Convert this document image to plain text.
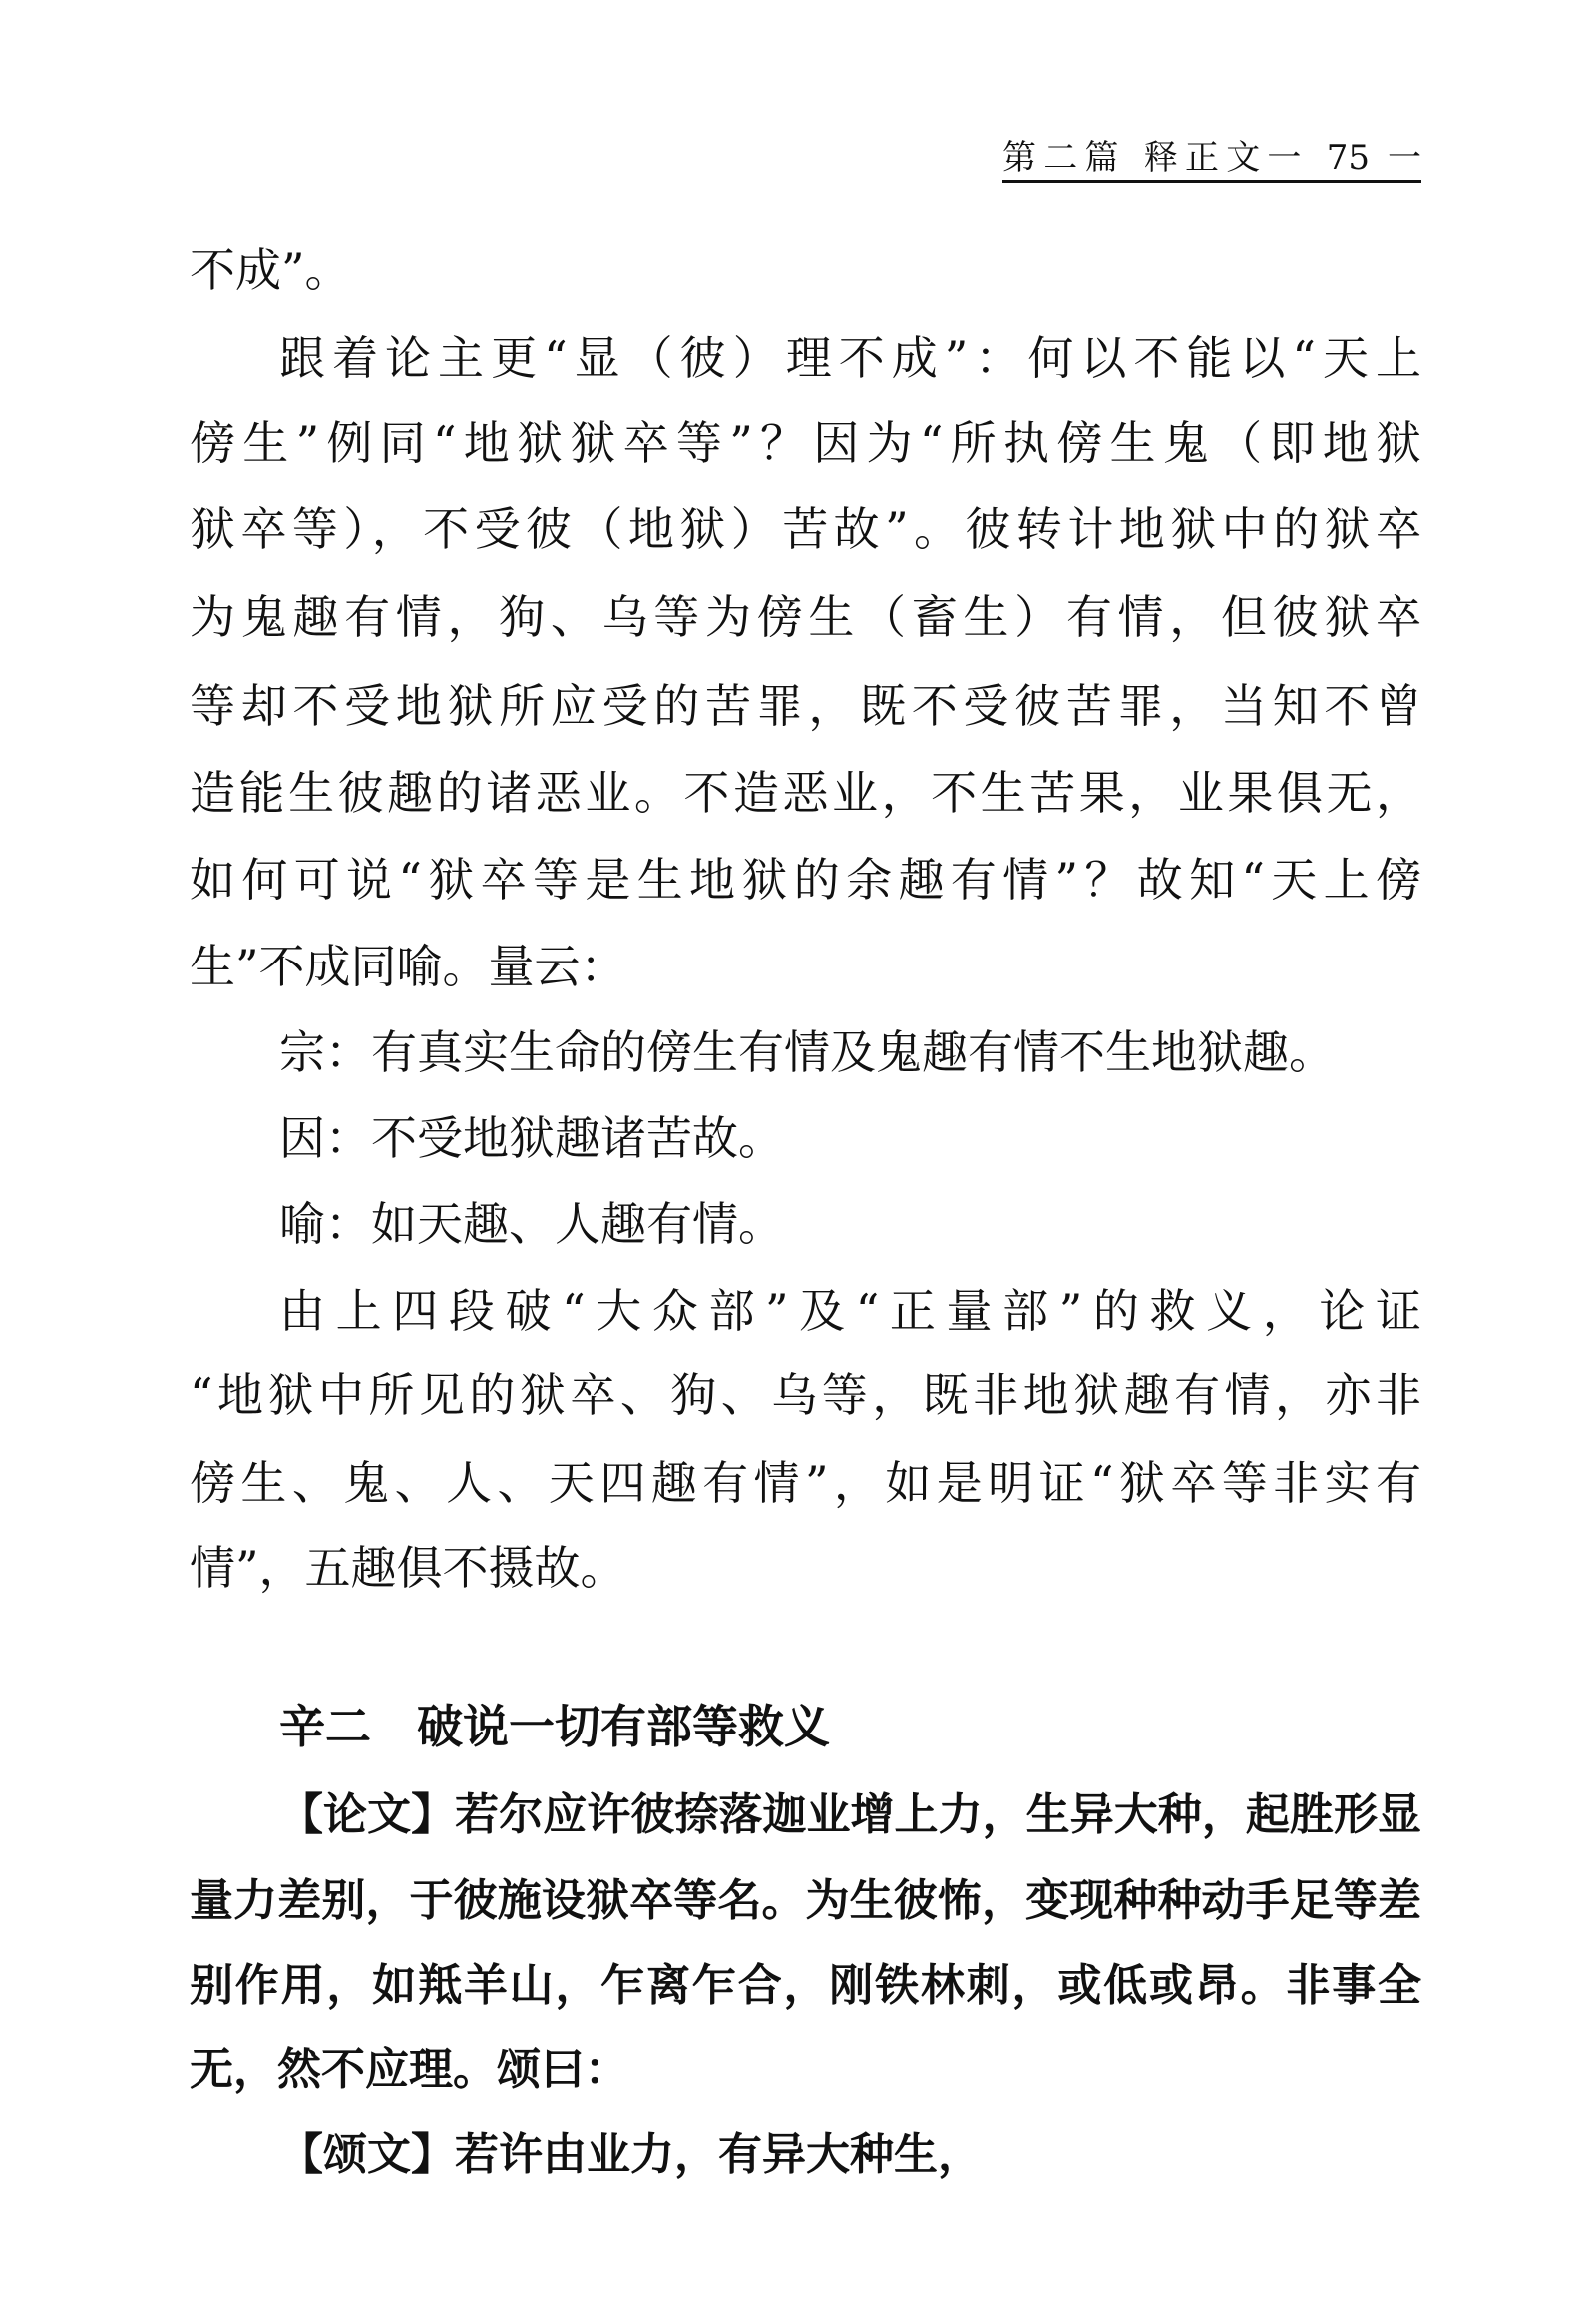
第二篇 释正文一 75 一
不成”。
跟着论主更“显（彼）理不成”：何以不能以“天上
傍生”例同“地狱狱卒等”？因为“所执傍生鬼（即地狱
狱卒等），不受彼（地狱）苦故”。彼转计地狱中的狱卒
为鬼趣有情，狗、乌等为傍生（畜生）有情，但彼狱卒
等却不受地狱所应受的苦罪，既不受彼苦罪，当知不曾
造能生彼趣的诸恶业。不造恶业，不生苦果，业果俱无，
如何可说“狱卒等是生地狱的余趣有情”？故知“天上傍
生”不成同喻。量云：
宗：有真实生命的傍生有情及鬼趣有情不生地狱趣。
因：不受地狱趣诸苦故。
喻：如天趣、人趣有情。
由上四段破“大众部”及“正量部”的救义，论证
“地狱中所见的狱卒、狗、乌等，既非地狱趣有情，亦非
傍生、鬼、人、天四趣有情”，如是明证“狱卒等非实有
情”，五趣俱不摄故。
辛二　破说一切有部等救义
【论文】若尔应许彼捺落迦业增上力，生异大种，起胜形显
量力差别，于彼施设狱卒等名。为生彼怖，变现种种动手足等差
别作用，如羝羊山，乍离乍合，刚铁林刺，或低或昂。非事全
无，然不应理。颂曰：
【颂文】若许由业力，有异大种生，
